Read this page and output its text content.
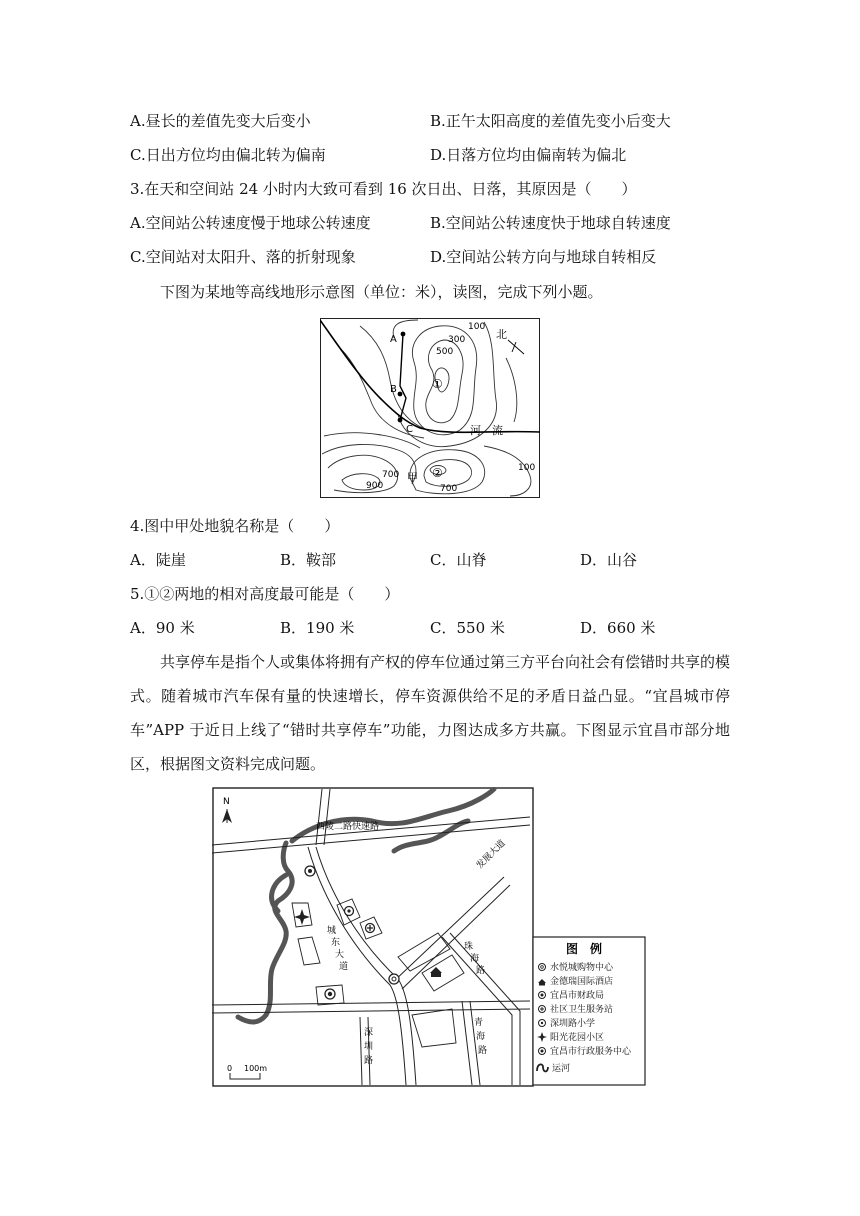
A.昼长的差值先变大后变小	B.正午太阳高度的差值先变小后变大
C.日出方位均由偏北转为偏南	D.日落方位均由偏南转为偏北
3.在天和空间站 24 小时内大致可看到 16 次日出、日落，其原因是（　　）
A.空间站公转速度慢于地球公转速度	B.空间站公转速度快于地球自转速度
C.空间站对太阳升、落的折射现象	D.空间站公转方向与地球自转相反
下图为某地等高线地形示意图（单位：米），读图，完成下列小题。
A
B
C
100
300
500
北
①
河　流
700
900
甲 ②
700
100
4.图中甲处地貌名称是（　　）
A．陡崖	B．鞍部	C．山脊	D．山谷
5.①②两地的相对高度最可能是（　　）
A．90 米	B．190 米	C．550 米	D．660 米
共享停车是指个人或集体将拥有产权的停车位通过第三方平台向社会有偿错时共享的模式。随着城市汽车保有量的快速增长，停车资源供给不足的矛盾日益凸显。“宜昌城市停车”APP 于近日上线了“错时共享停车”功能，力图达成多方共赢。下图显示宜昌市部分地区，根据图文资料完成问题。
N
西陵二路快速路
发展大道
城
东
大
道
珠
海
路
青
海
路
深
圳
路
0 100m
图　例
水悦城购物中心
金德瑞国际酒店
宜昌市财政局
社区卫生服务站
深圳路小学
阳光花园小区
宜昌市行政服务中心
运河
